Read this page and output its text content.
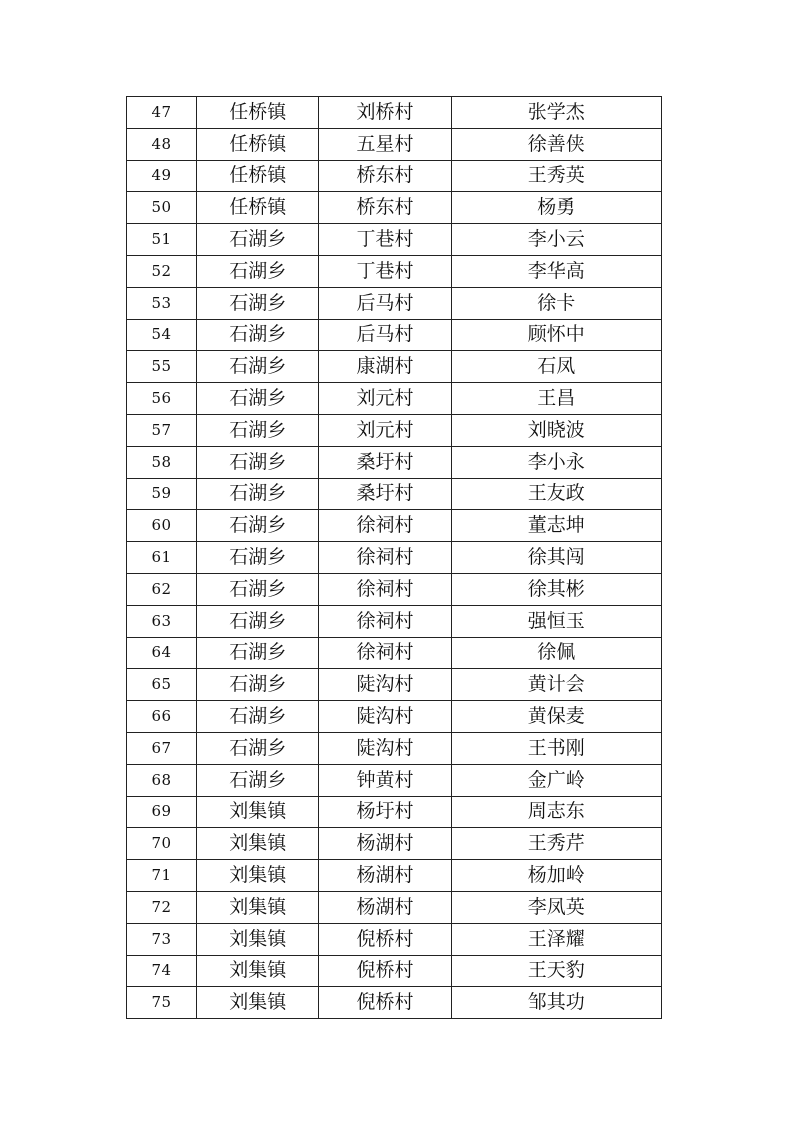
47	任桥镇	刘桥村	张学杰
48	任桥镇	五星村	徐善侠
49	任桥镇	桥东村	王秀英
50	任桥镇	桥东村	杨勇
51	石湖乡	丁巷村	李小云
52	石湖乡	丁巷村	李华高
53	石湖乡	后马村	徐卡
54	石湖乡	后马村	顾怀中
55	石湖乡	康湖村	石凤
56	石湖乡	刘元村	王昌
57	石湖乡	刘元村	刘晓波
58	石湖乡	桑圩村	李小永
59	石湖乡	桑圩村	王友政
60	石湖乡	徐祠村	董志坤
61	石湖乡	徐祠村	徐其闯
62	石湖乡	徐祠村	徐其彬
63	石湖乡	徐祠村	强恒玉
64	石湖乡	徐祠村	徐佩
65	石湖乡	陡沟村	黄计会
66	石湖乡	陡沟村	黄保麦
67	石湖乡	陡沟村	王书刚
68	石湖乡	钟黄村	金广岭
69	刘集镇	杨圩村	周志东
70	刘集镇	杨湖村	王秀芹
71	刘集镇	杨湖村	杨加岭
72	刘集镇	杨湖村	李凤英
73	刘集镇	倪桥村	王泽耀
74	刘集镇	倪桥村	王天豹
75	刘集镇	倪桥村	邹其功
